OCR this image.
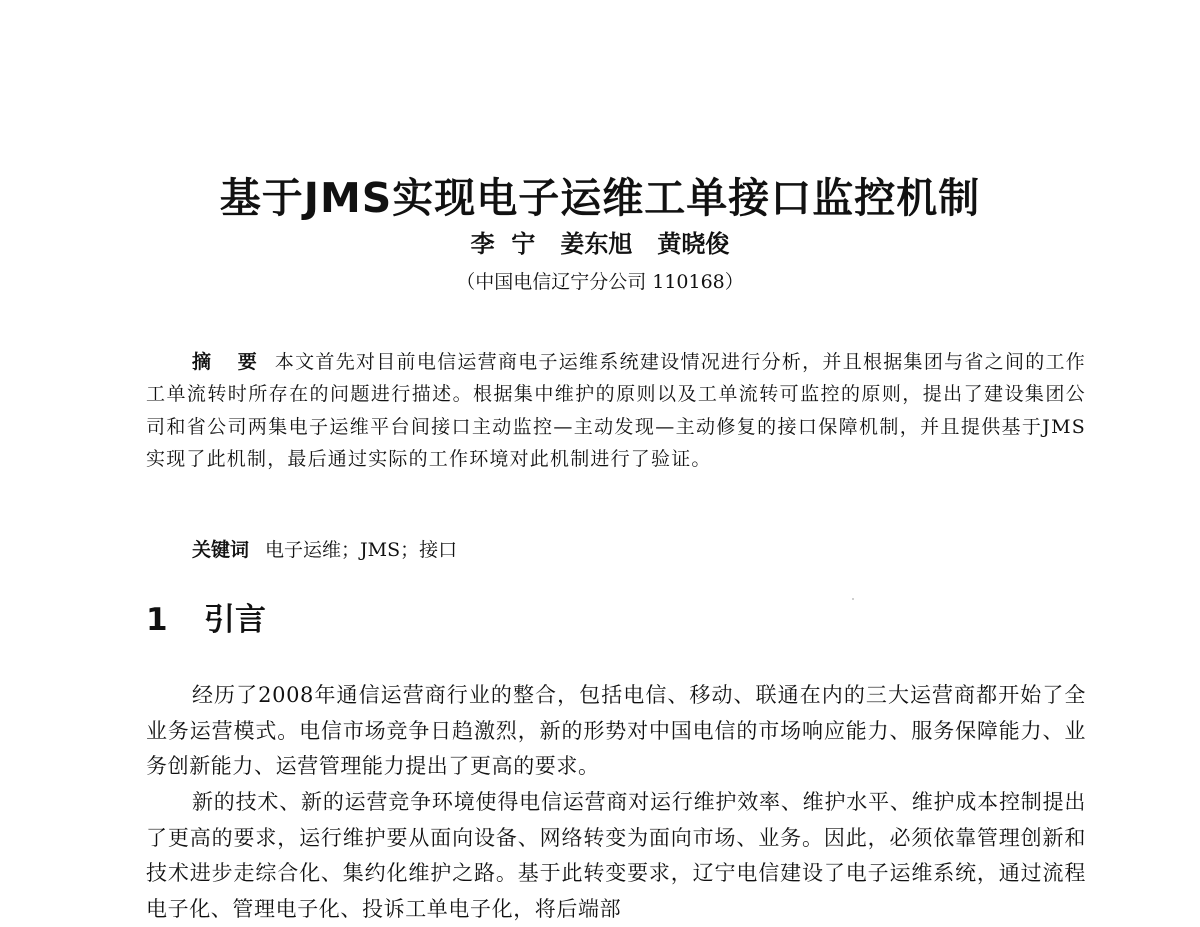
基于JMS实现电子运维工单接口监控机制
李  宁   姜东旭   黄晓俊
（中国电信辽宁分公司 110168）
摘 要 本文首先对目前电信运营商电子运维系统建设情况进行分析，并且根据集团与省之间的工作工单流转时所存在的问题进行描述。根据集中维护的原则以及工单流转可监控的原则，提出了建设集团公司和省公司两集电子运维平台间接口主动监控—主动发现—主动修复的接口保障机制，并且提供基于JMS实现了此机制，最后通过实际的工作环境对此机制进行了验证。
关键词 电子运维；JMS；接口
1 引言

经历了2008年通信运营商行业的整合，包括电信、移动、联通在内的三大运营商都开始了全业务运营模式。电信市场竞争日趋激烈，新的形势对中国电信的市场响应能力、服务保障能力、业务创新能力、运营管理能力提出了更高的要求。

新的技术、新的运营竞争环境使得电信运营商对运行维护效率、维护水平、维护成本控制提出了更高的要求，运行维护要从面向设备、网络转变为面向市场、业务。因此，必须依靠管理创新和技术进步走综合化、集约化维护之路。基于此转变要求，辽宁电信建设了电子运维系统，通过流程电子化、管理电子化、投诉工单电子化，将后端部
